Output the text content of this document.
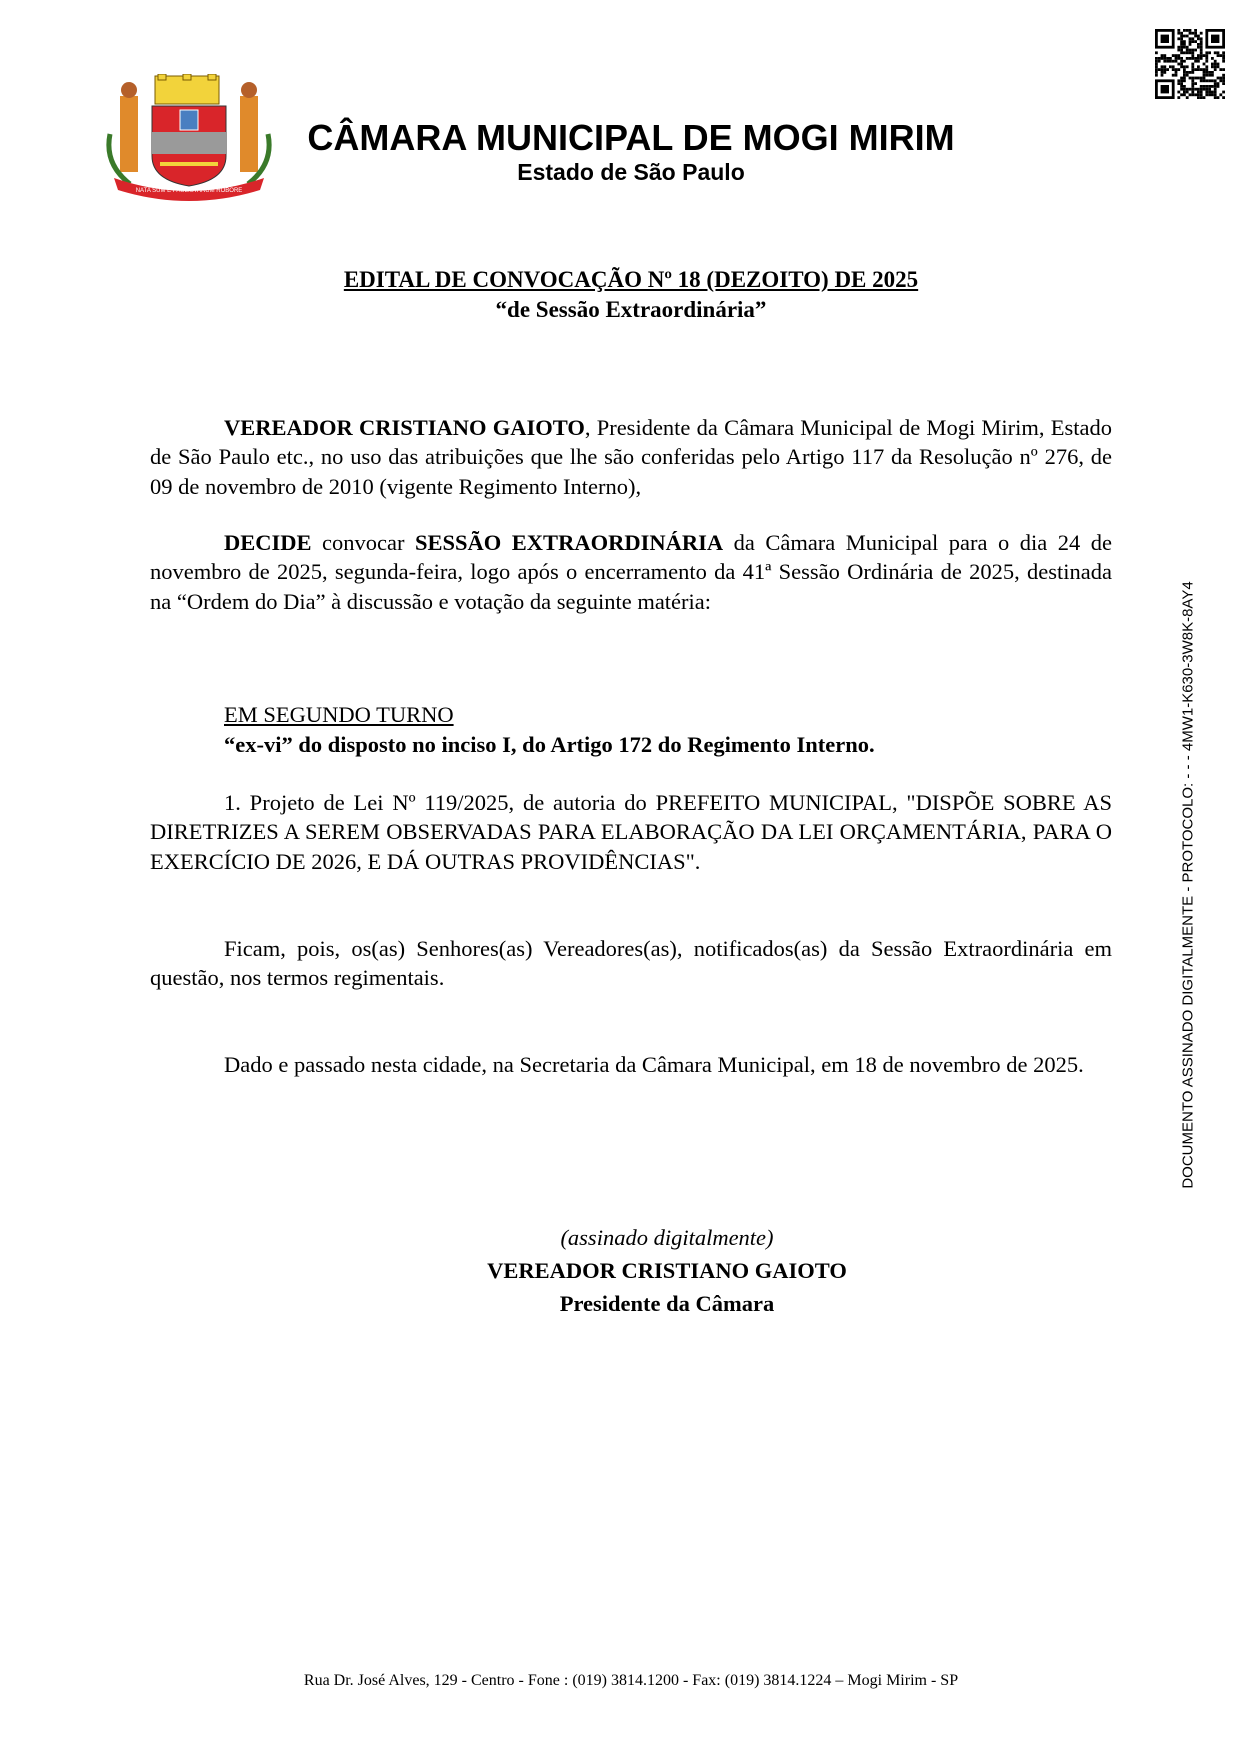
NATA SUM E PAULISTARUM ROBORE
CÂMARA MUNICIPAL DE MOGI MIRIM
Estado de São Paulo
EDITAL DE CONVOCAÇÃO Nº 18 (DEZOITO) DE 2025
“de Sessão Extraordinária”
VEREADOR CRISTIANO GAIOTO, Presidente da Câmara Municipal de Mogi Mirim, Estado de São Paulo etc., no uso das atribuições que lhe são conferidas pelo Artigo 117 da Resolução nº 276, de 09 de novembro de 2010 (vigente Regimento Interno),
DECIDE convocar SESSÃO EXTRAORDINÁRIA da Câmara Municipal para o dia 24 de novembro de 2025, segunda-feira, logo após o encerramento da 41ª Sessão Ordinária de 2025, destinada na “Ordem do Dia” à discussão e votação da seguinte matéria:
EM SEGUNDO TURNO
“ex-vi” do disposto no inciso I, do Artigo 172 do Regimento Interno.
1. Projeto de Lei Nº 119/2025, de autoria do PREFEITO MUNICIPAL, "DISPÕE SOBRE AS DIRETRIZES A SEREM OBSERVADAS PARA ELABORAÇÃO DA LEI ORÇAMENTÁRIA, PARA O EXERCÍCIO DE 2026, E DÁ OUTRAS PROVIDÊNCIAS".
Ficam, pois, os(as) Senhores(as) Vereadores(as), notificados(as) da Sessão Extraordinária em questão, nos termos regimentais.
Dado e passado nesta cidade, na Secretaria da Câmara Municipal, em 18 de novembro de 2025.
(assinado digitalmente)
VEREADOR CRISTIANO GAIOTO
Presidente da Câmara
Rua Dr. José Alves, 129 - Centro - Fone : (019) 3814.1200 - Fax: (019) 3814.1224 – Mogi Mirim - SP
DOCUMENTO ASSINADO DIGITALMENTE - PROTOCOLO: - - - 4MW1-K630-3W8K-8AY4
